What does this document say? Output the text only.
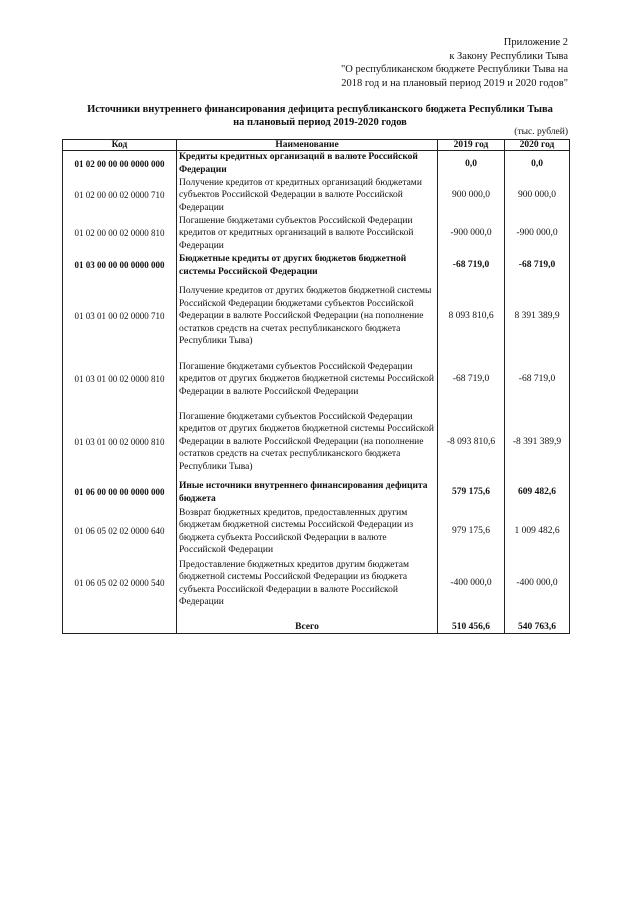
Приложение 2
к Закону Республики Тыва
"О республиканском бюджете Республики Тыва на
2018 год и на плановый период 2019 и 2020 годов"
Источники внутреннего финансирования дефицита республиканского бюджета Республики Тыва
на плановый период 2019-2020 годов
(тыс. рублей)
Код	Наименование	2019 год	2020 год
01 02 00 00 00 0000 000	Кредиты кредитных организаций в валюте Российской Федерации	0,0	0,0
01 02 00 00 02 0000 710	Получение кредитов от кредитных организаций бюджетами субъектов Российской Федерации в валюте Российской Федерации	900 000,0	900 000,0
01 02 00 00 02 0000 810	Погашение бюджетами субъектов Российской Федерации кредитов от кредитных организаций в валюте Российской Федерации	-900 000,0	-900 000,0
01 03 00 00 00 0000 000	Бюджетные кредиты от других бюджетов бюджетной системы Российской Федерации	-68 719,0	-68 719,0
01 03 01 00 02 0000 710	Получение кредитов от других бюджетов бюджетной системы Российской Федерации бюджетами субъектов Российской Федерации в валюте Российской Федерации (на пополнение остатков средств на счетах республиканского бюджета Республики Тыва)	8 093 810,6	8 391 389,9
01 03 01 00 02 0000 810	Погашение бюджетами субъектов Российской Федерации кредитов от других бюджетов бюджетной системы Российской Федерации в валюте Российской Федерации	-68 719,0	-68 719,0
01 03 01 00 02 0000 810	Погашение бюджетами субъектов Российской Федерации кредитов от других бюджетов бюджетной системы Российской Федерации в валюте Российской Федерации (на пополнение остатков средств на счетах республиканского бюджета Республики Тыва)	-8 093 810,6	-8 391 389,9
01 06 00 00 00 0000 000	Иные источники внутреннего финансирования дефицита бюджета	579 175,6	609 482,6
01 06 05 02 02 0000 640	Возврат бюджетных кредитов, предоставленных другим бюджетам бюджетной системы Российской Федерации из бюджета субъекта Российской Федерации в валюте Российской Федерации	979 175,6	1 009 482,6
01 06 05 02 02 0000 540	Предоставление бюджетных кредитов другим бюджетам бюджетной системы Российской Федерации из бюджета субъекта Российской Федерации в валюте Российской Федерации	-400 000,0	-400 000,0
	Всего	510 456,6	540 763,6
